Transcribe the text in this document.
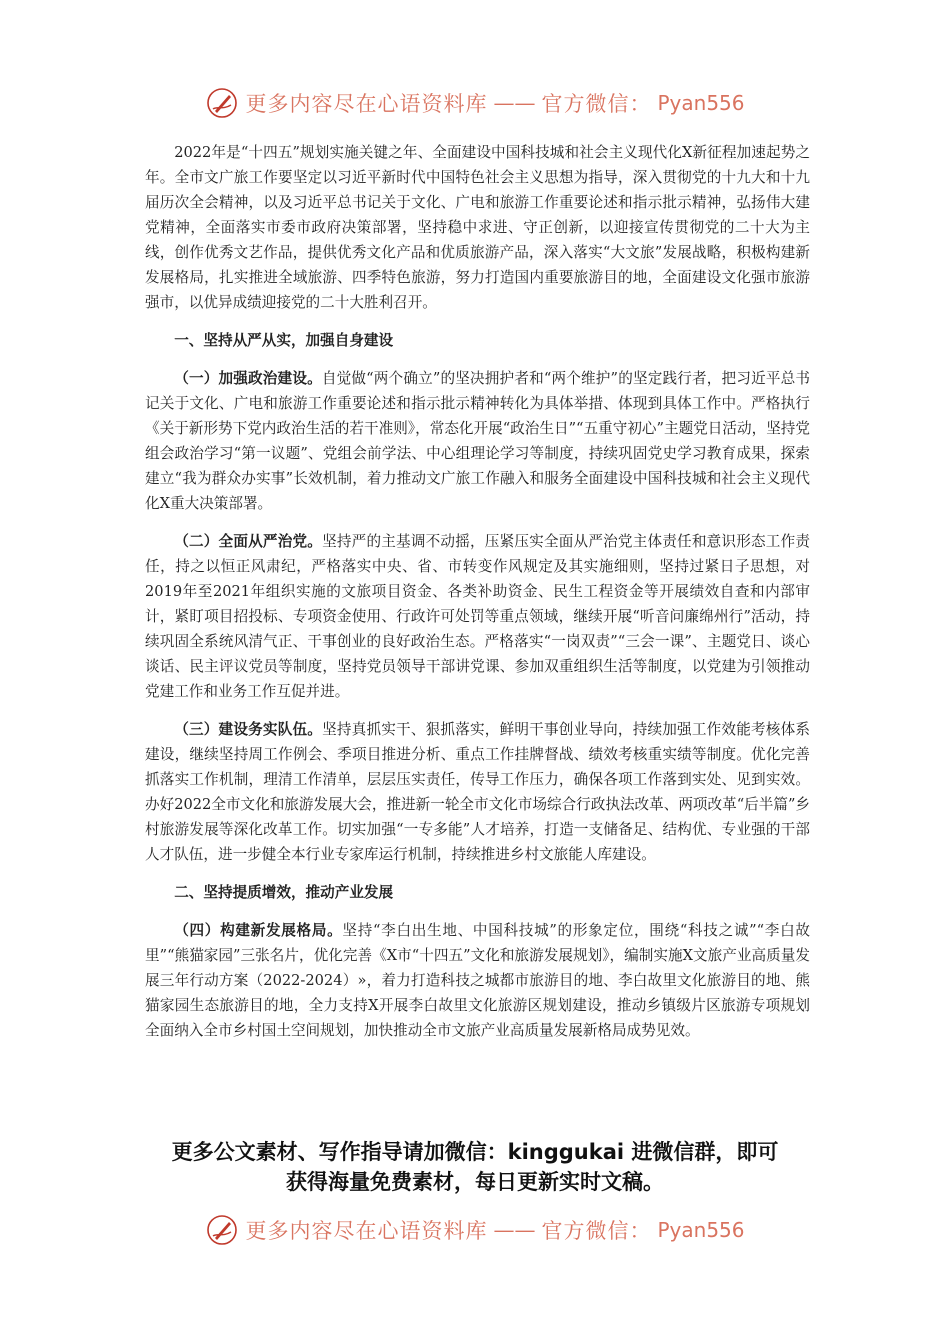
更多内容尽在心语资料库 —— 官方微信： Pyan556

2022年是“十四五”规划实施关键之年、全面建设中国科技城和社会主义现代化X新征程加速起势之年。全市文广旅工作要坚定以习近平新时代中国特色社会主义思想为指导，深入贯彻党的十九大和十九届历次全会精神，以及习近平总书记关于文化、广电和旅游工作重要论述和指示批示精神，弘扬伟大建党精神，全面落实市委市政府决策部署，坚持稳中求进、守正创新，以迎接宣传贯彻党的二十大为主线，创作优秀文艺作品，提供优秀文化产品和优质旅游产品，深入落实“大文旅”发展战略，积极构建新发展格局，扎实推进全域旅游、四季特色旅游，努力打造国内重要旅游目的地，全面建设文化强市旅游强市，以优异成绩迎接党的二十大胜利召开。

一、坚持从严从实，加强自身建设

（一）加强政治建设。自觉做“两个确立”的坚决拥护者和“两个维护”的坚定践行者，把习近平总书记关于文化、广电和旅游工作重要论述和指示批示精神转化为具体举措、体现到具体工作中。严格执行《关于新形势下党内政治生活的若干准则》，常态化开展“政治生日”“五重守初心”主题党日活动，坚持党组会政治学习“第一议题”、党组会前学法、中心组理论学习等制度，持续巩固党史学习教育成果，探索建立“我为群众办实事”长效机制，着力推动文广旅工作融入和服务全面建设中国科技城和社会主义现代化X重大决策部署。

（二）全面从严治党。坚持严的主基调不动摇，压紧压实全面从严治党主体责任和意识形态工作责任，持之以恒正风肃纪，严格落实中央、省、市转变作风规定及其实施细则，坚持过紧日子思想，对2019年至2021年组织实施的文旅项目资金、各类补助资金、民生工程资金等开展绩效自查和内部审计，紧盯项目招投标、专项资金使用、行政许可处罚等重点领域，继续开展“听音问廉绵州行”活动，持续巩固全系统风清气正、干事创业的良好政治生态。严格落实“一岗双责”“三会一课”、主题党日、谈心谈话、民主评议党员等制度，坚持党员领导干部讲党课、参加双重组织生活等制度，以党建为引领推动党建工作和业务工作互促并进。

（三）建设务实队伍。坚持真抓实干、狠抓落实，鲜明干事创业导向，持续加强工作效能考核体系建设，继续坚持周工作例会、季项目推进分析、重点工作挂牌督战、绩效考核重实绩等制度。优化完善抓落实工作机制，理清工作清单，层层压实责任，传导工作压力，确保各项工作落到实处、见到实效。办好2022全市文化和旅游发展大会，推进新一轮全市文化市场综合行政执法改革、两项改革“后半篇”乡村旅游发展等深化改革工作。切实加强“一专多能”人才培养，打造一支储备足、结构优、专业强的干部人才队伍，进一步健全本行业专家库运行机制，持续推进乡村文旅能人库建设。

二、坚持提质增效，推动产业发展

（四）构建新发展格局。坚持“李白出生地、中国科技城”的形象定位，围绕“科技之诚”“李白故里”“熊猫家园”三张名片，优化完善《X市“十四五”文化和旅游发展规划》，编制实施X文旅产业高质量发展三年行动方案（2022-2024）»，着力打造科技之城都市旅游目的地、李白故里文化旅游目的地、熊猫家园生态旅游目的地，全力支持X开展李白故里文化旅游区规划建设，推动乡镇级片区旅游专项规划全面纳入全市乡村国土空间规划，加快推动全市文旅产业高质量发展新格局成势见效。

更多公文素材、写作指导请加微信：kinggukai 进微信群，即可
获得海量免费素材，每日更新实时文稿。
更多内容尽在心语资料库 —— 官方微信： Pyan556
